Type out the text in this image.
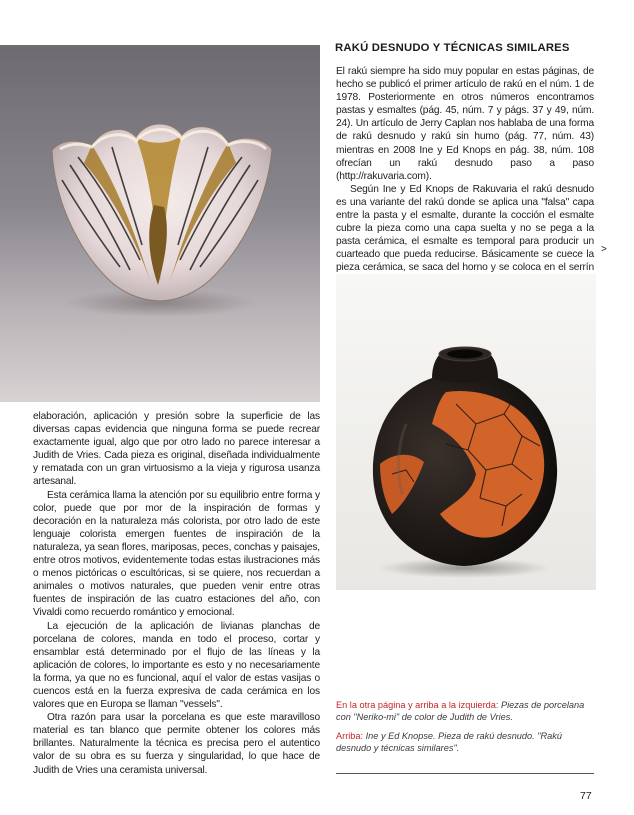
RAKÚ DESNUDO Y TÉCNICAS SIMILARES

El rakú siempre ha sido muy popular en estas páginas, de hecho se publicó el primer artículo de rakú en el núm. 1 de 1978. Posteriormente en otros números encontramos pastas y esmaltes (pág. 45, núm. 7 y págs. 37 y 49, núm. 24). Un artículo de Jerry Caplan nos hablaba de una forma de rakú desnudo y rakú sin humo (pág. 77, núm. 43) mientras en 2008 Ine y Ed Knops en pág. 38, núm. 108 ofrecían un rakú desnudo paso a paso (http://rakuvaria.com).

Según Ine y Ed Knops de Rakuvaria el rakú desnudo es una variante del rakú donde se aplica una "falsa" capa entre la pasta y el esmalte, durante la cocción el esmalte cubre la pieza como una capa suelta y no se pega a la pasta cerámica, el esmalte es temporal para producir un cuarteado que pueda reducirse. Básicamente se cuece la pieza cerámica, se saca del horno y se coloca en el serrín

>

elaboración, aplicación y presión sobre la superficie de las diversas capas evidencia que ninguna forma se puede recrear exactamente igual, algo que por otro lado no parece interesar a Judith de Vries. Cada pieza es original, diseñada individualmente y rematada con un gran virtuosismo a la vieja y rigurosa usanza artesanal.

Esta cerámica llama la atención por su equilibrio entre forma y color, puede que por mor de la inspiración de formas y decoración en la naturaleza más colorista, por otro lado de este lenguaje colorista emergen fuentes de inspiración de la naturaleza, ya sean flores, mariposas, peces, conchas y paisajes, entre otros motivos, evidentemente todas estas ilustraciones más o menos pictóricas o escultóricas, si se quiere, nos recuerdan a animales o motivos naturales, que pueden venir entre otras fuentes de inspiración de las cuatro estaciones del año, con Vivaldi como recuerdo romántico y emocional.

La ejecución de la aplicación de livianas planchas de porcelana de colores, manda en todo el proceso, cortar y ensamblar está determinado por el flujo de las líneas y la aplicación de colores, lo importante es esto y no necesariamente la forma, ya que no es funcional, aquí el valor de estas vasijas o cuencos está en la fuerza expresiva de cada cerámica en los valores que en Europa se llaman "vessels".

Otra razón para usar la porcelana es que este maravilloso material es tan blanco que permite obtener los colores más brillantes. Naturalmente la técnica es precisa pero el autentico valor de su obra es su fuerza y singularidad, lo que hace de Judith de Vries una ceramista universal.

En la otra página y arriba a la izquierda: Piezas de porcelana con "Neriko-mi" de color de Judith de Vries.

Arriba: Ine y Ed Knopse. Pieza de rakú desnudo. "Rakú desnudo y técnicas similares".

77
